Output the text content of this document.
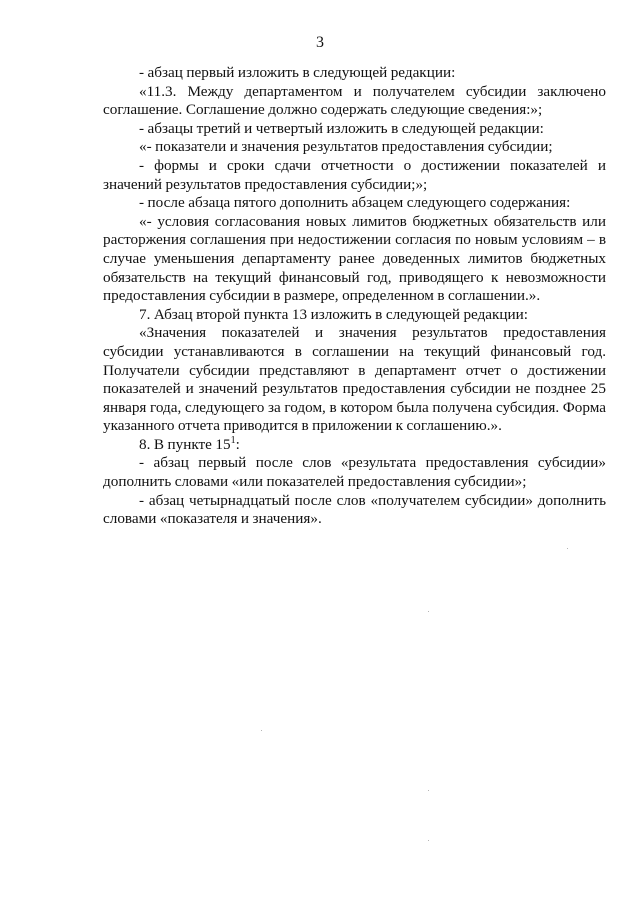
3

- абзац первый изложить в следующей редакции:

«11.3. Между департаментом и получателем субсидии заключено соглашение. Соглашение должно содержать следующие сведения:»;

- абзацы третий и четвертый изложить в следующей редакции:

«- показатели и значения результатов предоставления субсидии;

- формы и сроки сдачи отчетности о достижении показателей и значений результатов предоставления субсидии;»;

- после абзаца пятого дополнить абзацем следующего содержания:

«- условия согласования новых лимитов бюджетных обязательств или расторжения соглашения при недостижении согласия по новым условиям – в случае уменьшения департаменту ранее доведенных лимитов бюджетных обязательств на текущий финансовый год, приводящего к невозможности предоставления субсидии в размере, определенном в соглашении.».

7. Абзац второй пункта 13 изложить в следующей редакции:

«Значения показателей и значения результатов предоставления субсидии устанавливаются в соглашении на текущий финансовый год. Получатели субсидии представляют в департамент отчет о достижении показателей и значений результатов предоставления субсидии не позднее 25 января года, следующего за годом, в котором была получена субсидия. Форма указанного отчета приводится в приложении к соглашению.».

8. В пункте $15^1$:

- абзац первый после слов «результата предоставления субсидии» дополнить словами «или показателей предоставления субсидии»;

- абзац четырнадцатый после слов «получателем субсидии» дополнить словами «показателя и значения».
